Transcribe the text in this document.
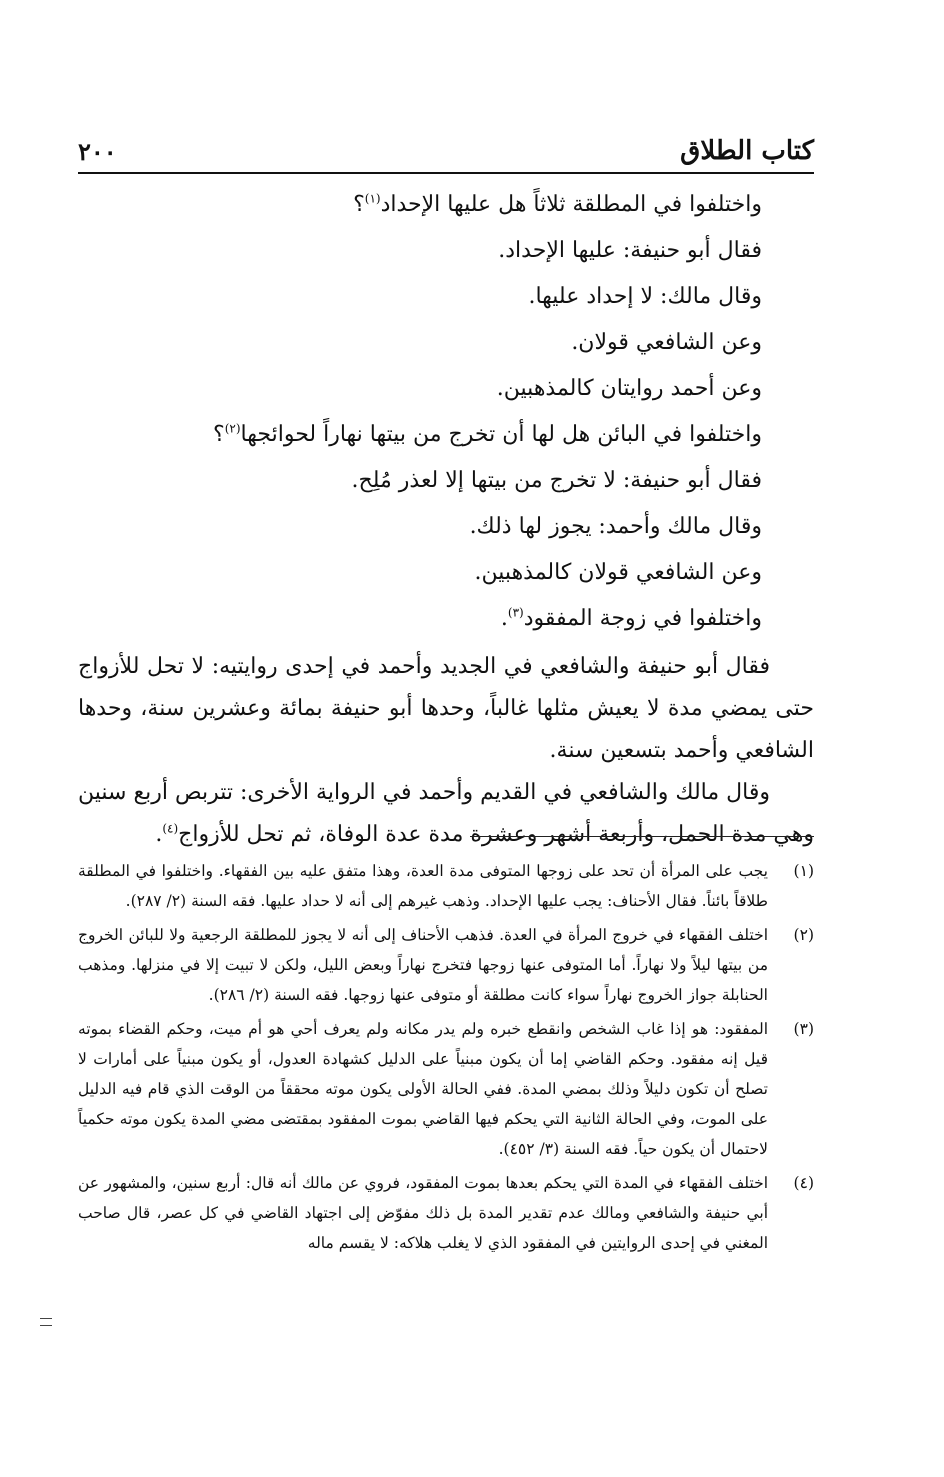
كتاب الطلاق
٢٠٠

واختلفوا في المطلقة ثلاثاً هل عليها الإحداد$^{(١)}$؟

فقال أبو حنيفة: عليها الإحداد.

وقال مالك: لا إحداد عليها.

وعن الشافعي قولان.

وعن أحمد روايتان كالمذهبين.

واختلفوا في البائن هل لها أن تخرج من بيتها نهاراً لحوائجها$^{(٢)}$؟

فقال أبو حنيفة: لا تخرج من بيتها إلا لعذر مُلِح.

وقال مالك وأحمد: يجوز لها ذلك.

وعن الشافعي قولان كالمذهبين.

واختلفوا في زوجة المفقود$^{(٣)}$.

فقال أبو حنيفة والشافعي في الجديد وأحمد في إحدى روايتيه: لا تحل للأزواج حتى يمضي مدة لا يعيش مثلها غالباً، وحدها أبو حنيفة بمائة وعشرين سنة، وحدها الشافعي وأحمد بتسعين سنة.

وقال مالك والشافعي في القديم وأحمد في الرواية الأخرى: تتربص أربع سنين وهي مدة الحمل، وأربعة أشهر وعشرة مدة عدة الوفاة، ثم تحل للأزواج$^{(٤)}$.

(١)
يجب على المرأة أن تحد على زوجها المتوفى مدة العدة، وهذا متفق عليه بين الفقهاء. واختلفوا في المطلقة طلاقاً بائناً. فقال الأحناف: يجب عليها الإحداد. وذهب غيرهم إلى أنه لا حداد عليها. فقه السنة (٢/ ٢٨٧).
(٢)
اختلف الفقهاء في خروج المرأة في العدة. فذهب الأحناف إلى أنه لا يجوز للمطلقة الرجعية ولا للبائن الخروج من بيتها ليلاً ولا نهاراً. أما المتوفى عنها زوجها فتخرج نهاراً وبعض الليل، ولكن لا تبيت إلا في منزلها. ومذهب الحنابلة جواز الخروج نهاراً سواء كانت مطلقة أو متوفى عنها زوجها. فقه السنة (٢/ ٢٨٦).
(٣)
المفقود: هو إذا غاب الشخص وانقطع خبره ولم يدر مكانه ولم يعرف أحي هو أم ميت، وحكم القضاء بموته قيل إنه مفقود. وحكم القاضي إما أن يكون مبنياً على الدليل كشهادة العدول، أو يكون مبنياً على أمارات لا تصلح أن تكون دليلاً وذلك بمضي المدة. ففي الحالة الأولى يكون موته محققاً من الوقت الذي قام فيه الدليل على الموت، وفي الحالة الثانية التي يحكم فيها القاضي بموت المفقود بمقتضى مضي المدة يكون موته حكمياً لاحتمال أن يكون حياً. فقه السنة (٣/ ٤٥٢).
(٤)
اختلف الفقهاء في المدة التي يحكم بعدها بموت المفقود، فروي عن مالك أنه قال: أربع سنين، والمشهور عن أبي حنيفة والشافعي ومالك عدم تقدير المدة بل ذلك مفوّض إلى اجتهاد القاضي في كل عصر، قال صاحب المغني في إحدى الروايتين في المفقود الذي لا يغلب هلاكه: لا يقسم ماله
